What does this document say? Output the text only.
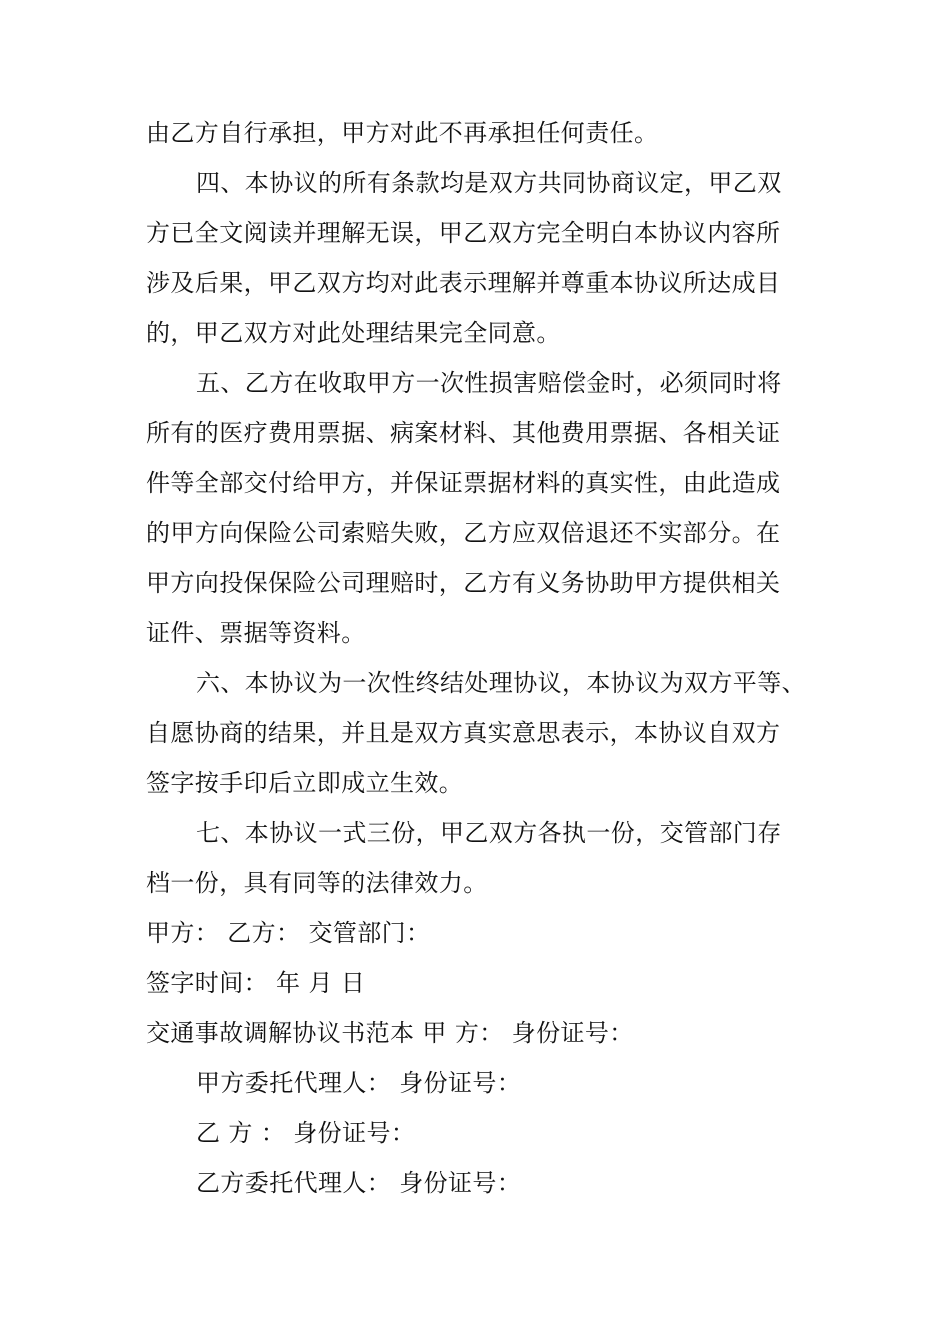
由乙方自行承担，甲方对此不再承担任何责任。
四、本协议的所有条款均是双方共同协商议定，甲乙双
方已全文阅读并理解无误，甲乙双方完全明白本协议内容所
涉及后果，甲乙双方均对此表示理解并尊重本协议所达成目
的，甲乙双方对此处理结果完全同意。
五、乙方在收取甲方一次性损害赔偿金时，必须同时将
所有的医疗费用票据、病案材料、其他费用票据、各相关证
件等全部交付给甲方，并保证票据材料的真实性，由此造成
的甲方向保险公司索赔失败，乙方应双倍退还不实部分。在
甲方向投保保险公司理赔时，乙方有义务协助甲方提供相关
证件、票据等资料。
六、本协议为一次性终结处理协议，本协议为双方平等、
自愿协商的结果，并且是双方真实意思表示，本协议自双方
签字按手印后立即成立生效。
七、本协议一式三份，甲乙双方各执一份，交管部门存
档一份，具有同等的法律效力。
甲方： 乙方： 交管部门：
签字时间： 年 月 日
交通事故调解协议书范本 甲 方： 身份证号：
甲方委托代理人： 身份证号：
乙 方 ： 身份证号：
乙方委托代理人： 身份证号：
